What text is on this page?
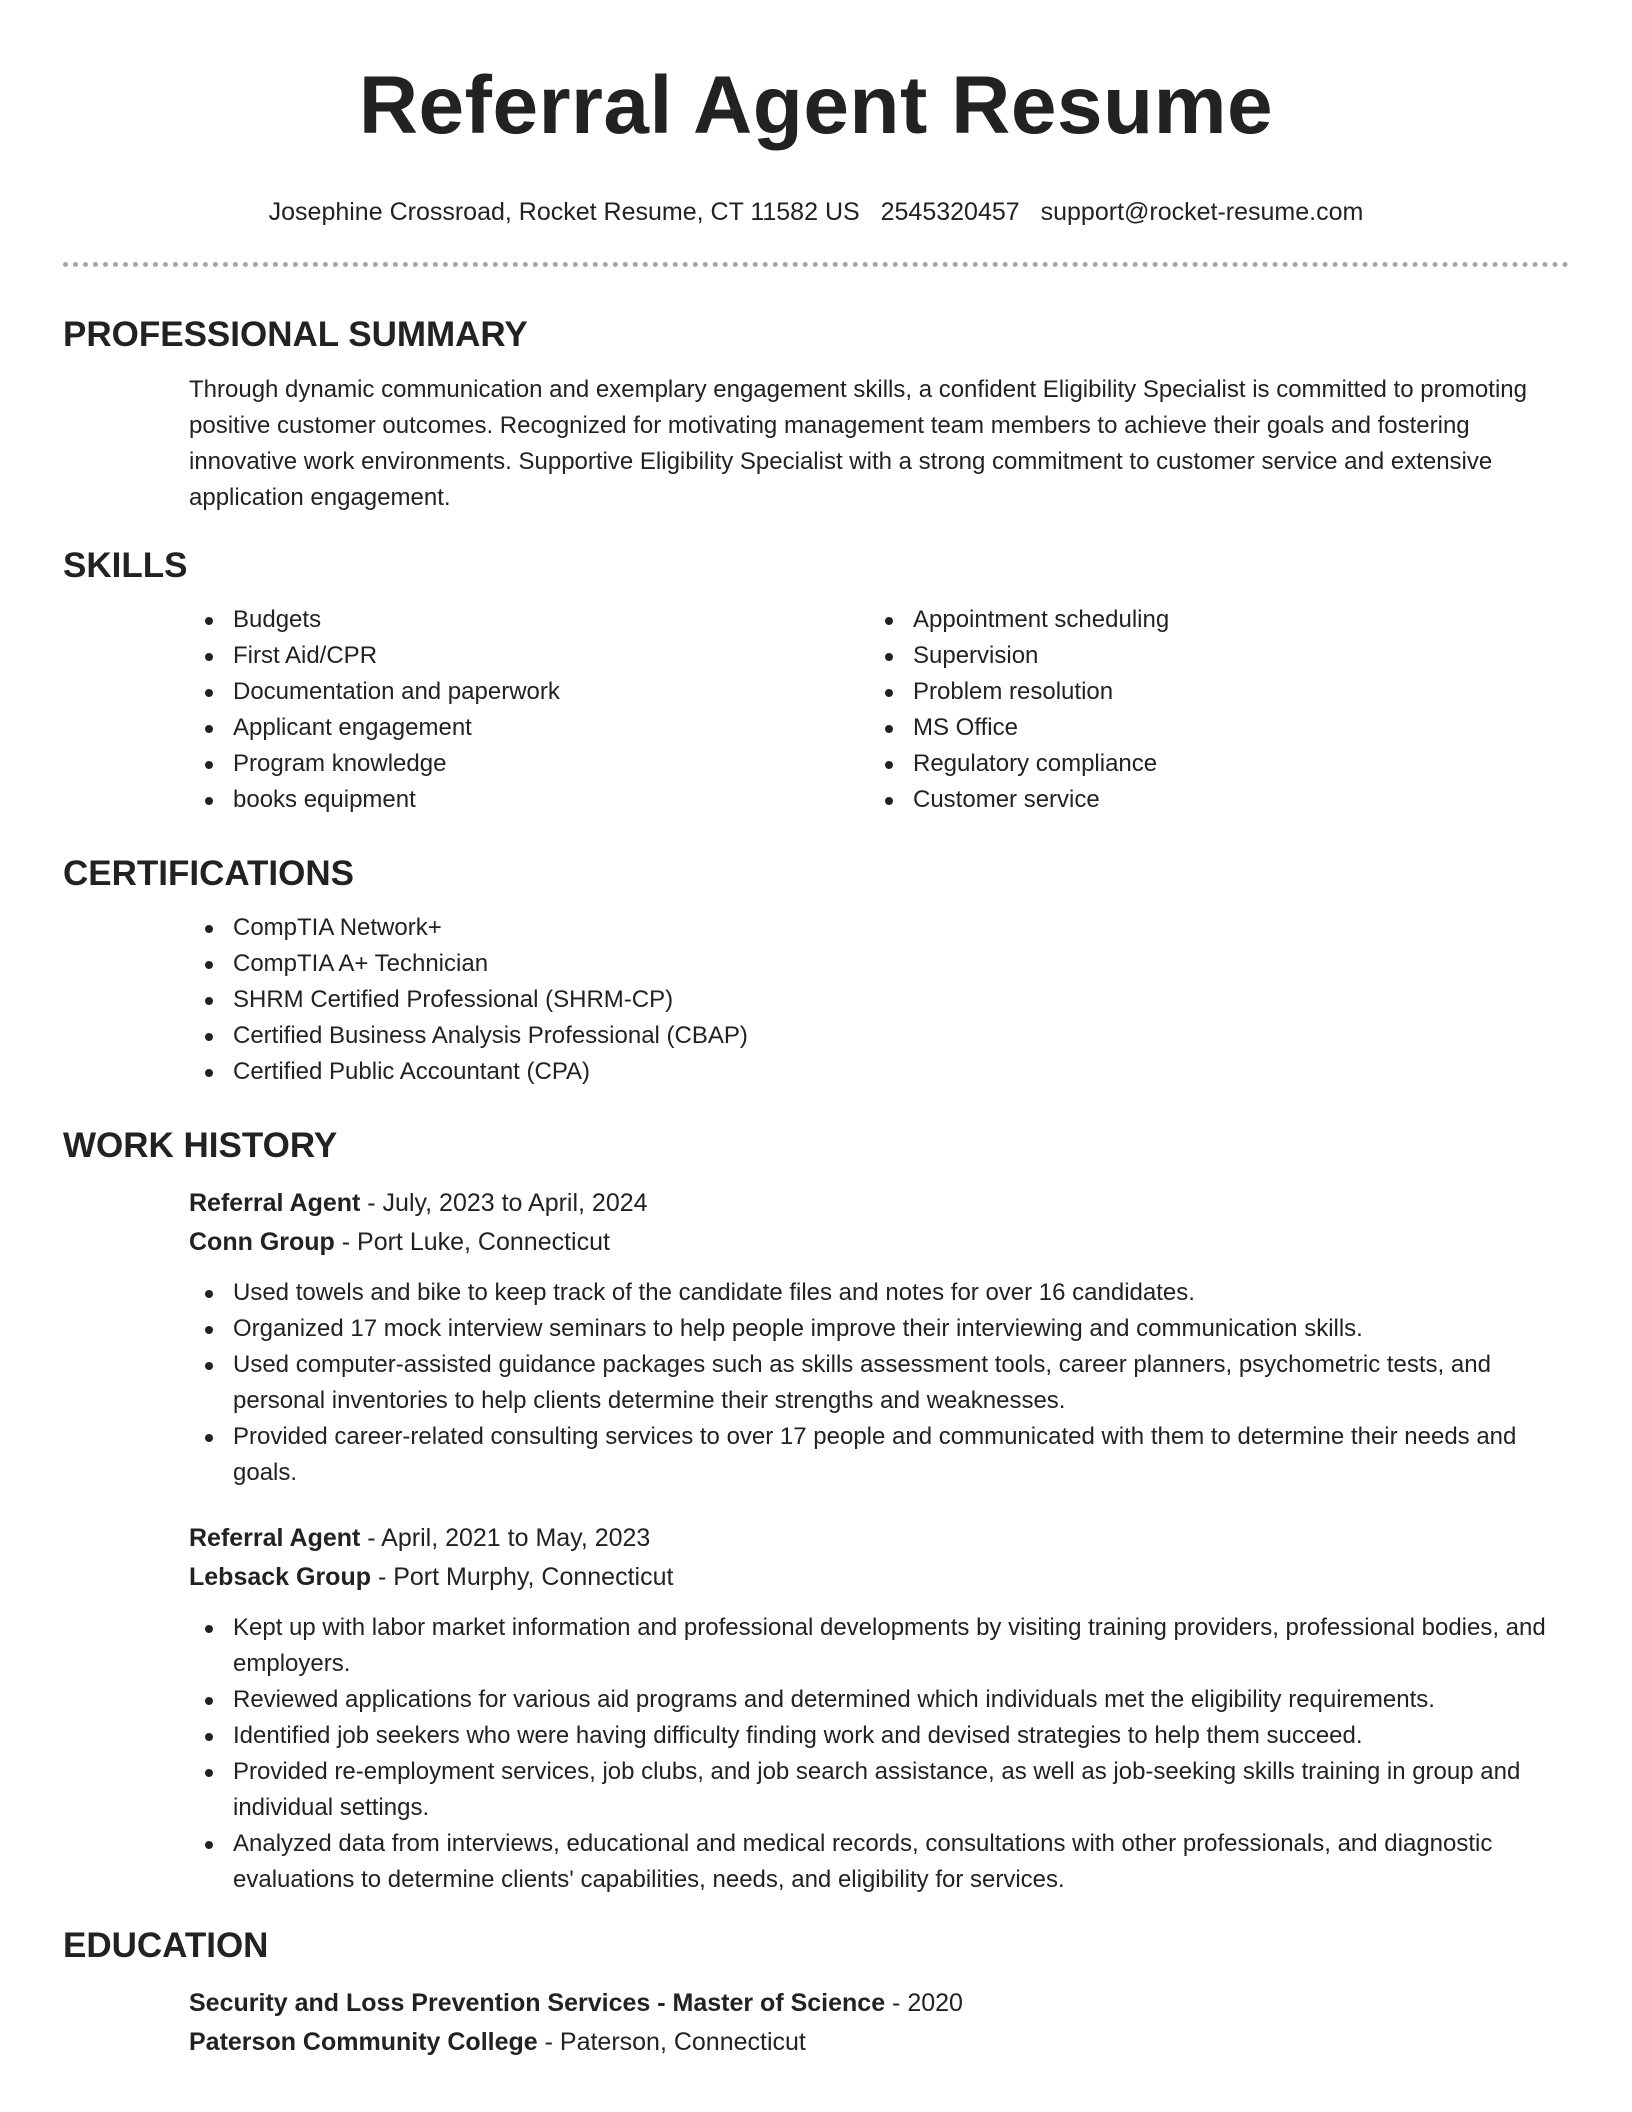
Referral Agent Resume
Josephine Crossroad, Rocket Resume, CT 11582 US 2545320457 support@rocket-resume.com
PROFESSIONAL SUMMARY

Through dynamic communication and exemplary engagement skills, a confident Eligibility Specialist is committed to promoting positive customer outcomes. Recognized for motivating management team members to achieve their goals and fostering innovative work environments. Supportive Eligibility Specialist with a strong commitment to customer service and extensive application engagement.

SKILLS
Budgets
First Aid/CPR
Documentation and paperwork
Applicant engagement
Program knowledge
books equipment
Appointment scheduling
Supervision
Problem resolution
MS Office
Regulatory compliance
Customer service
CERTIFICATIONS
CompTIA Network+
CompTIA A+ Technician
SHRM Certified Professional (SHRM-CP)
Certified Business Analysis Professional (CBAP)
Certified Public Accountant (CPA)
WORK HISTORY
Referral Agent - July, 2023 to April, 2024
Conn Group - Port Luke, Connecticut
Used towels and bike to keep track of the candidate files and notes for over 16 candidates.
Organized 17 mock interview seminars to help people improve their interviewing and communication skills.
Used computer-assisted guidance packages such as skills assessment tools, career planners, psychometric tests, and personal inventories to help clients determine their strengths and weaknesses.
Provided career-related consulting services to over 17 people and communicated with them to determine their needs and goals.
Referral Agent - April, 2021 to May, 2023
Lebsack Group - Port Murphy, Connecticut
Kept up with labor market information and professional developments by visiting training providers, professional bodies, and employers.
Reviewed applications for various aid programs and determined which individuals met the eligibility requirements.
Identified job seekers who were having difficulty finding work and devised strategies to help them succeed.
Provided re-employment services, job clubs, and job search assistance, as well as job-seeking skills training in group and individual settings.
Analyzed data from interviews, educational and medical records, consultations with other professionals, and diagnostic evaluations to determine clients' capabilities, needs, and eligibility for services.
EDUCATION
Security and Loss Prevention Services - Master of Science - 2020
Paterson Community College - Paterson, Connecticut
